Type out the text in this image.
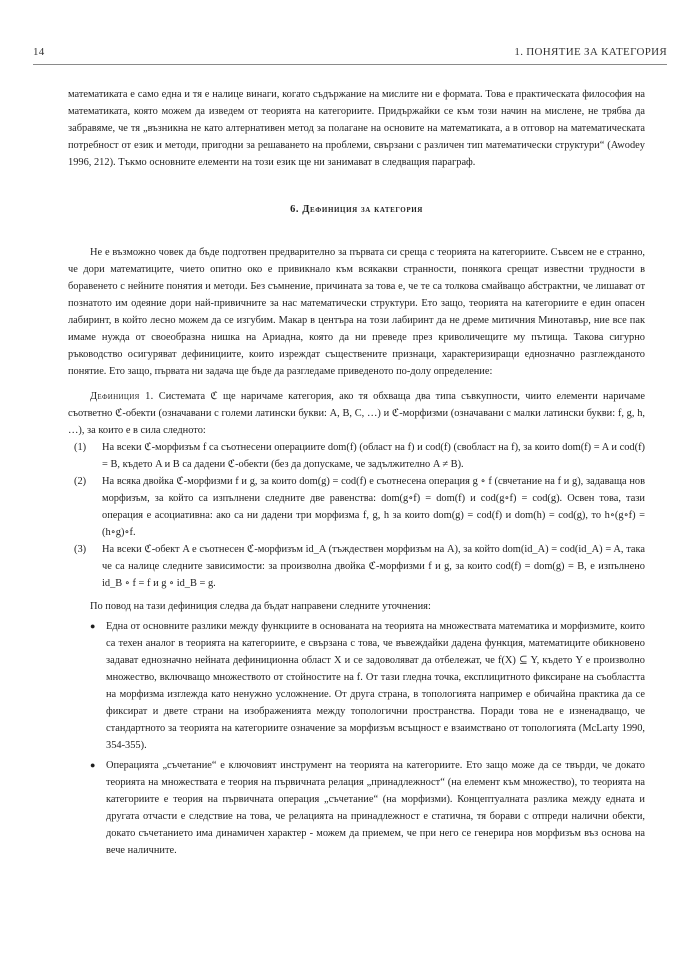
14	1. ПОНЯТИЕ ЗА КАТЕГОРИЯ

математиката е само една и тя е налице винаги, когато съдържание на мислите ни е формата. Това е практическата философия на математиката, която можем да изведем от теорията на категориите. Придържайки се към този начин на мислене, не трябва да забравяме, че тя „възникна не като алтернативен метод за полагане на основите на математиката, а в отговор на математическата потребност от език и методи, пригодни за решаването на проблеми, свързани с различен тип математически структури“ (Awodey 1996, 212). Тъкмо основните елементи на този език ще ни занимават в следващия параграф.

6. Дефиниция за категория

Не е възможно човек да бъде подготвен предварително за първата си среща с теорията на категориите. Съвсем не е странно, че дори математиците, чието опитно око е привикнало към всякакви странности, понякога срещат известни трудности в боравенето с нейните понятия и методи. Без съмнение, причината за това е, че те са толкова смайващо абстрактни, че лишават от познатото им одеяние дори най-привичните за нас математически структури. Ето защо, теорията на категориите е един опасен лабиринт, в който лесно можем да се изгубим. Макар в центъра на този лабиринт да не дреме митичния Минотавър, ние все пак имаме нужда от своеобразна нишка на Ариадна, която да ни преведе през криволичещите му пътища. Такова сигурно ръководство осигуряват дефинициите, които изреждат съществените признаци, характеризиращи еднозначно разглежданото понятие. Ето защо, първата ни задача ще бъде да разгледаме приведеното по-долу определение:

Дефиниция 1. Системата ℭ ще наричаме категория, ако тя обхваща два типа съвкупности, чиито елементи наричаме съответно ℭ-обекти (означавани с големи латински букви: A, B, C, …) и ℭ-морфизми (означавани с малки латински букви: f, g, h, …), за които е в сила следното:

(1) На всеки ℭ-морфизъм f са съотнесени операциите dom(f) (област на f) и cod(f) (свобласт на f), за които dom(f) = A и cod(f) = B, където A и B са дадени ℭ-обекти (без да допускаме, че задължително A ≠ B).
(2) На всяка двойка ℭ-морфизми f и g, за които dom(g) = cod(f) е съотнесена операция g ∘ f (свчетание на f и g), задаваща нов морфизъм, за който са изпълнени следните две равенства: dom(g∘f) = dom(f) и cod(g∘f) = cod(g). Освен това, тази операция е асоциативна: ако са ни дадени три морфизма f, g, h за които dom(g) = cod(f) и dom(h) = cod(g), то h∘(g∘f) = (h∘g)∘f.
(3) На всеки ℭ-обект A е съотнесен ℭ-морфизъм id_A (тъждествен морфизъм на A), за който dom(id_A) = cod(id_A) = A, така че са налице следните зависимости: за произволна двойка ℭ-морфизми f и g, за които cod(f) = dom(g) = B, е изпълнено id_B ∘ f = f и g ∘ id_B = g.

По повод на тази дефиниция следва да бъдат направени следните уточнения:

● Една от основните разлики между функциите в основаната на теорията на множествата математика и морфизмите, които са техен аналог в теорията на категориите, е свързана с това, че въвеждайки дадена функция, математиците обикновено задават еднозначно нейната дефиниционна област X и се задоволяват да отбележат, че f(X) ⊆ Y, където Y е произволно множество, включващо множеството от стойностите на f. От тази гледна точка, експлицитното фиксиране на съобластта на морфизма изглежда като ненужно усложнение. От друга страна, в топологията например е обичайна практика да се фиксират и двете страни на изображенията между топологични пространства. Поради това не е изненадващо, че стандартното за теорията на категориите означение за морфизъм всъщност е взаимствано от топологията (McLarty 1990, 354-355).
● Операцията „съчетание“ е ключовият инструмент на теорията на категориите. Ето защо може да се твърди, че докато теорията на множествата е теория на първичната релация „принадлежност“ (на елемент към множество), то теорията на категориите е теория на първичната операция „съчетание“ (на морфизми). Концептуалната разлика между едната и другата отчасти е следствие на това, че релацията на принадлежност е статична, тя борави с отпреди налични обекти, докато съчетанието има динамичен характер - можем да приемем, че при него се генерира нов морфизъм въз основа на вече наличните.
